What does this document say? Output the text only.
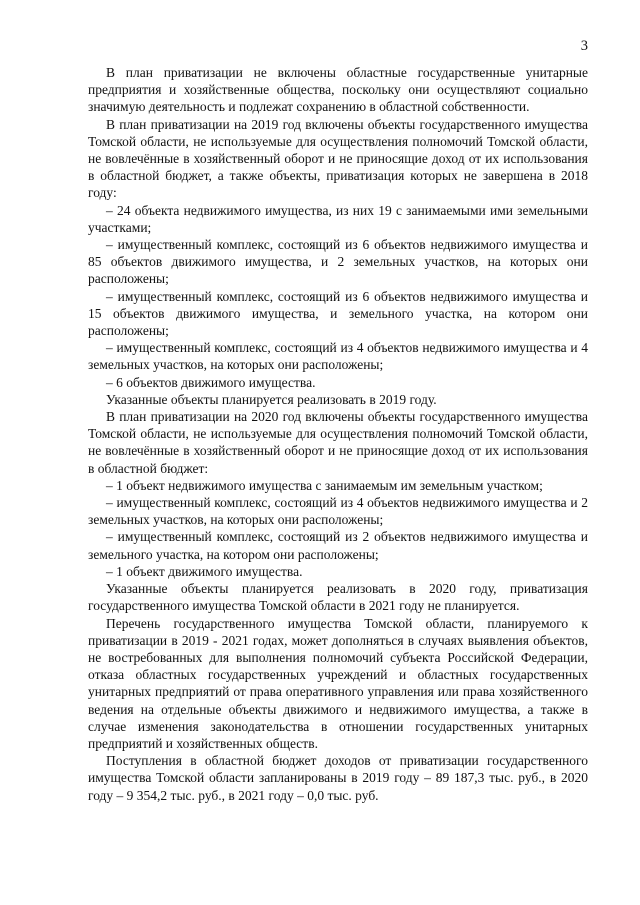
3

В план приватизации не включены областные государственные унитарные предприятия и хозяйственные общества, поскольку они осуществляют социально значимую деятельность и подлежат сохранению в областной собственности.

В план приватизации на 2019 год включены объекты государственного имущества Томской области, не используемые для осуществления полномочий Томской области, не вовлечённые в хозяйственный оборот и не приносящие доход от их использования в областной бюджет, а также объекты, приватизация которых не завершена в 2018 году:

– 24 объекта недвижимого имущества, из них 19 с занимаемыми ими земельными участками;

– имущественный комплекс, состоящий из 6 объектов недвижимого имущества и 85 объектов движимого имущества, и 2 земельных участков, на которых они расположены;

– имущественный комплекс, состоящий из 6 объектов недвижимого имущества и 15 объектов движимого имущества, и земельного участка, на котором они расположены;

– имущественный комплекс, состоящий из 4 объектов недвижимого имущества и 4 земельных участков, на которых они расположены;

– 6 объектов движимого имущества.

Указанные объекты планируется реализовать в 2019 году.

В план приватизации на 2020 год включены объекты государственного имущества Томской области, не используемые для осуществления полномочий Томской области, не вовлечённые в хозяйственный оборот и не приносящие доход от их использования в областной бюджет:

– 1 объект недвижимого имущества с занимаемым им земельным участком;

– имущественный комплекс, состоящий из 4 объектов недвижимого имущества и 2 земельных участков, на которых они расположены;

– имущественный комплекс, состоящий из 2 объектов недвижимого имущества и земельного участка, на котором они расположены;

– 1 объект движимого имущества.

Указанные объекты планируется реализовать в 2020 году, приватизация государственного имущества Томской области в 2021 году не планируется.

Перечень государственного имущества Томской области, планируемого к приватизации в 2019 - 2021 годах, может дополняться в случаях выявления объектов, не востребованных для выполнения полномочий субъекта Российской Федерации, отказа областных государственных учреждений и областных государственных унитарных предприятий от права оперативного управления или права хозяйственного ведения на отдельные объекты движимого и недвижимого имущества, а также в случае изменения законодательства в отношении государственных унитарных предприятий и хозяйственных обществ.

Поступления в областной бюджет доходов от приватизации государственного имущества Томской области запланированы в 2019 году – 89 187,3 тыс. руб., в 2020 году – 9 354,2 тыс. руб., в 2021 году – 0,0 тыс. руб.
